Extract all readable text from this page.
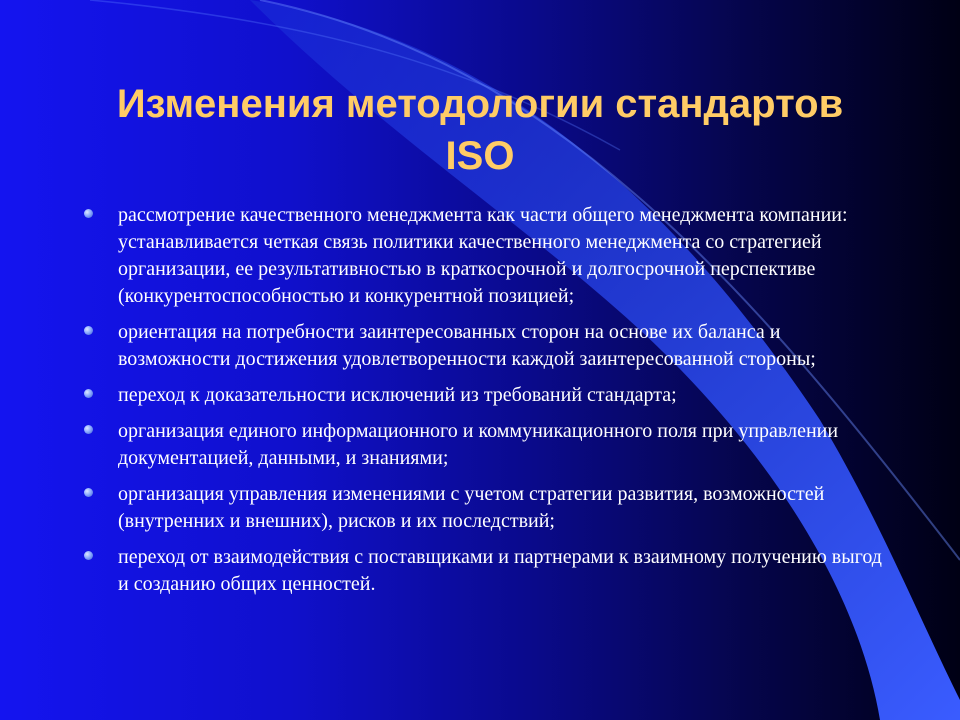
Изменения методологии стандартов
ISO
рассмотрение качественного менеджмента как части общего менеджмента компании: устанавливается четкая связь политики качественного менеджмента со стратегией организации, ее результативностью в краткосрочной и долгосрочной перспективе (конкурентоспособностью и конкурентной позицией;
ориентация на потребности заинтересованных сторон на основе их баланса и возможности достижения удовлетворенности каждой заинтересованной стороны;
переход к доказательности исключений из требований стандарта;
организация единого информационного и коммуникационного поля при управлении документацией, данными, и знаниями;
организация управления изменениями с учетом стратегии развития, возможностей (внутренних и внешних), рисков и их последствий;
переход от взаимодействия с поставщиками и партнерами к взаимному получению выгод и созданию общих ценностей.
